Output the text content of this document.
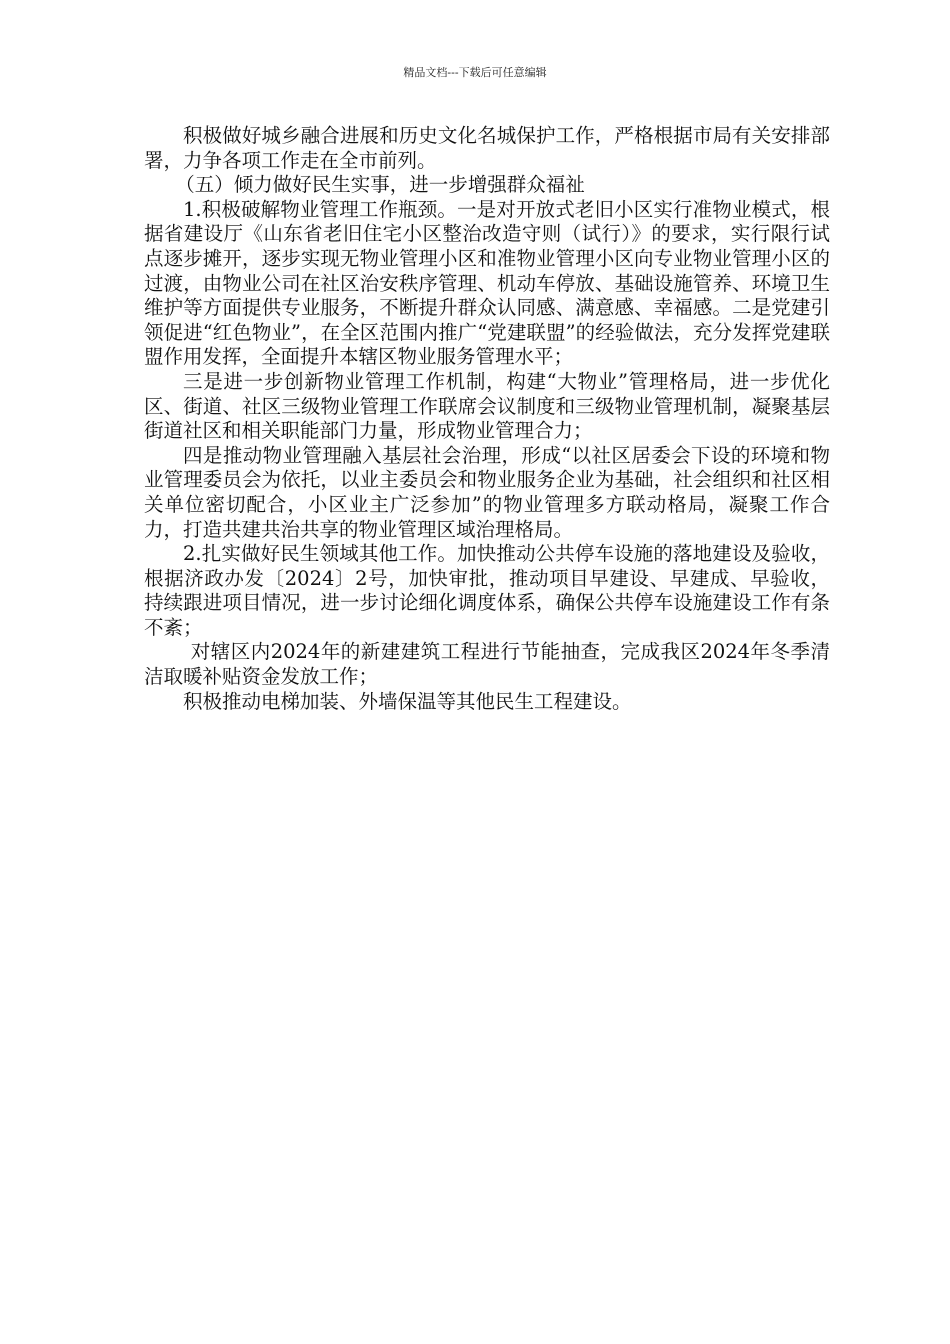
精品文档---下载后可任意编辑

积极做好城乡融合进展和历史文化名城保护工作，严格根据市局有关安排部署，力争各项工作走在全市前列。

（五）倾力做好民生实事，进一步增强群众福祉

1.积极破解物业管理工作瓶颈。一是对开放式老旧小区实行准物业模式，根据省建设厅《山东省老旧住宅小区整治改造守则（试行）》的要求，实行限行试点逐步摊开，逐步实现无物业管理小区和准物业管理小区向专业物业管理小区的过渡，由物业公司在社区治安秩序管理、机动车停放、基础设施管养、环境卫生维护等方面提供专业服务，不断提升群众认同感、满意感、幸福感。二是党建引领促进“红色物业”，在全区范围内推广“党建联盟”的经验做法，充分发挥党建联盟作用发挥，全面提升本辖区物业服务管理水平；

三是进一步创新物业管理工作机制，构建“大物业”管理格局，进一步优化区、街道、社区三级物业管理工作联席会议制度和三级物业管理机制，凝聚基层街道社区和相关职能部门力量，形成物业管理合力；

四是推动物业管理融入基层社会治理，形成“以社区居委会下设的环境和物业管理委员会为依托，以业主委员会和物业服务企业为基础，社会组织和社区相关单位密切配合，小区业主广泛参加”的物业管理多方联动格局，凝聚工作合力，打造共建共治共享的物业管理区域治理格局。

2.扎实做好民生领域其他工作。加快推动公共停车设施的落地建设及验收，根据济政办发〔2024〕2号，加快审批，推动项目早建设、早建成、早验收，持续跟进项目情况，进一步讨论细化调度体系，确保公共停车设施建设工作有条不紊；

对辖区内2024年的新建建筑工程进行节能抽查，完成我区2024年冬季清洁取暖补贴资金发放工作；

积极推动电梯加装、外墙保温等其他民生工程建设。
